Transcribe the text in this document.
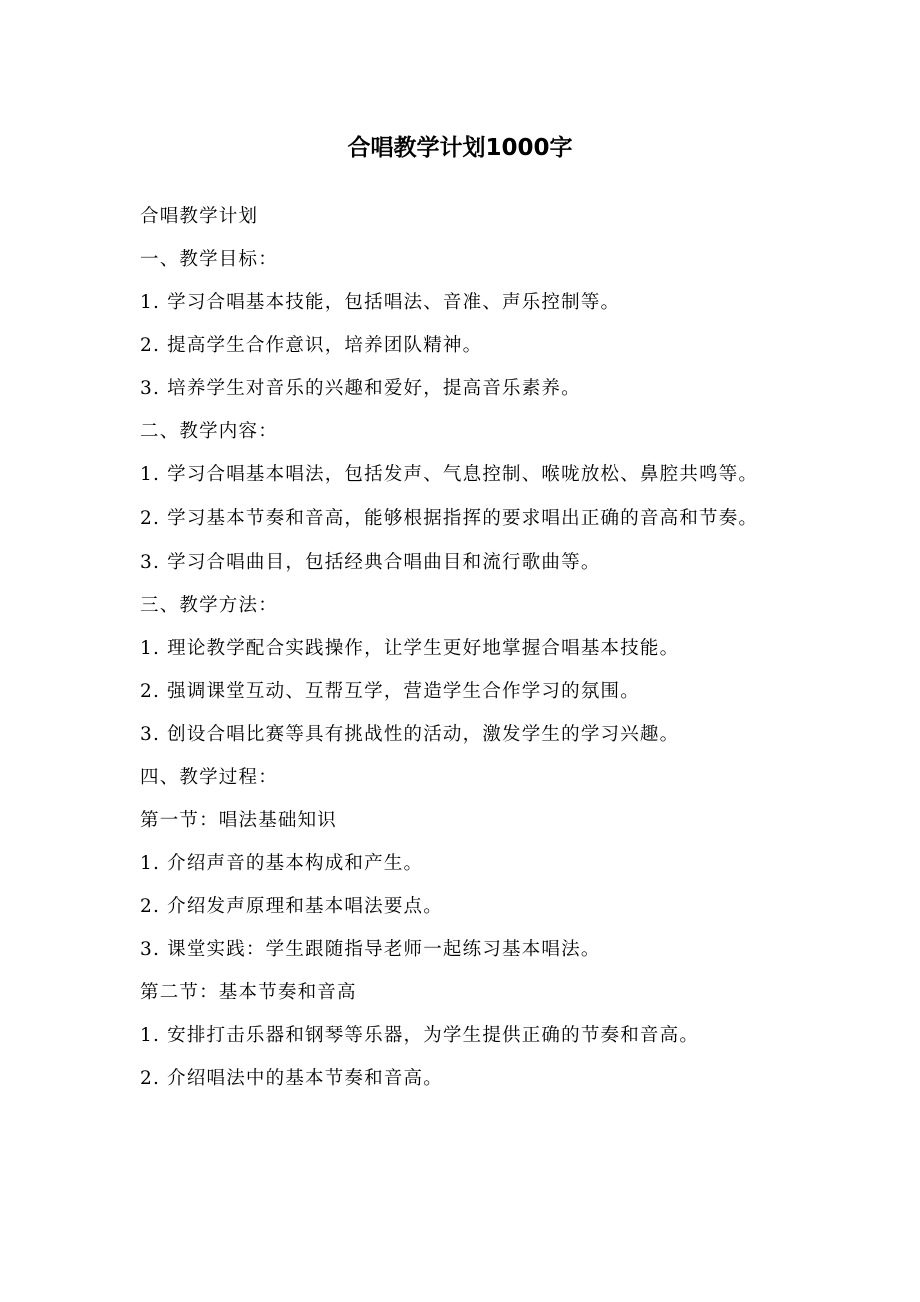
合唱教学计划1000字

合唱教学计划

一、教学目标：

1. 学习合唱基本技能，包括唱法、音准、声乐控制等。

2. 提高学生合作意识，培养团队精神。

3. 培养学生对音乐的兴趣和爱好，提高音乐素养。

二、教学内容：

1. 学习合唱基本唱法，包括发声、气息控制、喉咙放松、鼻腔共鸣等。

2. 学习基本节奏和音高，能够根据指挥的要求唱出正确的音高和节奏。

3. 学习合唱曲目，包括经典合唱曲目和流行歌曲等。

三、教学方法：

1. 理论教学配合实践操作，让学生更好地掌握合唱基本技能。

2. 强调课堂互动、互帮互学，营造学生合作学习的氛围。

3. 创设合唱比赛等具有挑战性的活动，激发学生的学习兴趣。

四、教学过程：

第一节：唱法基础知识

1. 介绍声音的基本构成和产生。

2. 介绍发声原理和基本唱法要点。

3. 课堂实践：学生跟随指导老师一起练习基本唱法。

第二节：基本节奏和音高

1. 安排打击乐器和钢琴等乐器，为学生提供正确的节奏和音高。

2. 介绍唱法中的基本节奏和音高。
